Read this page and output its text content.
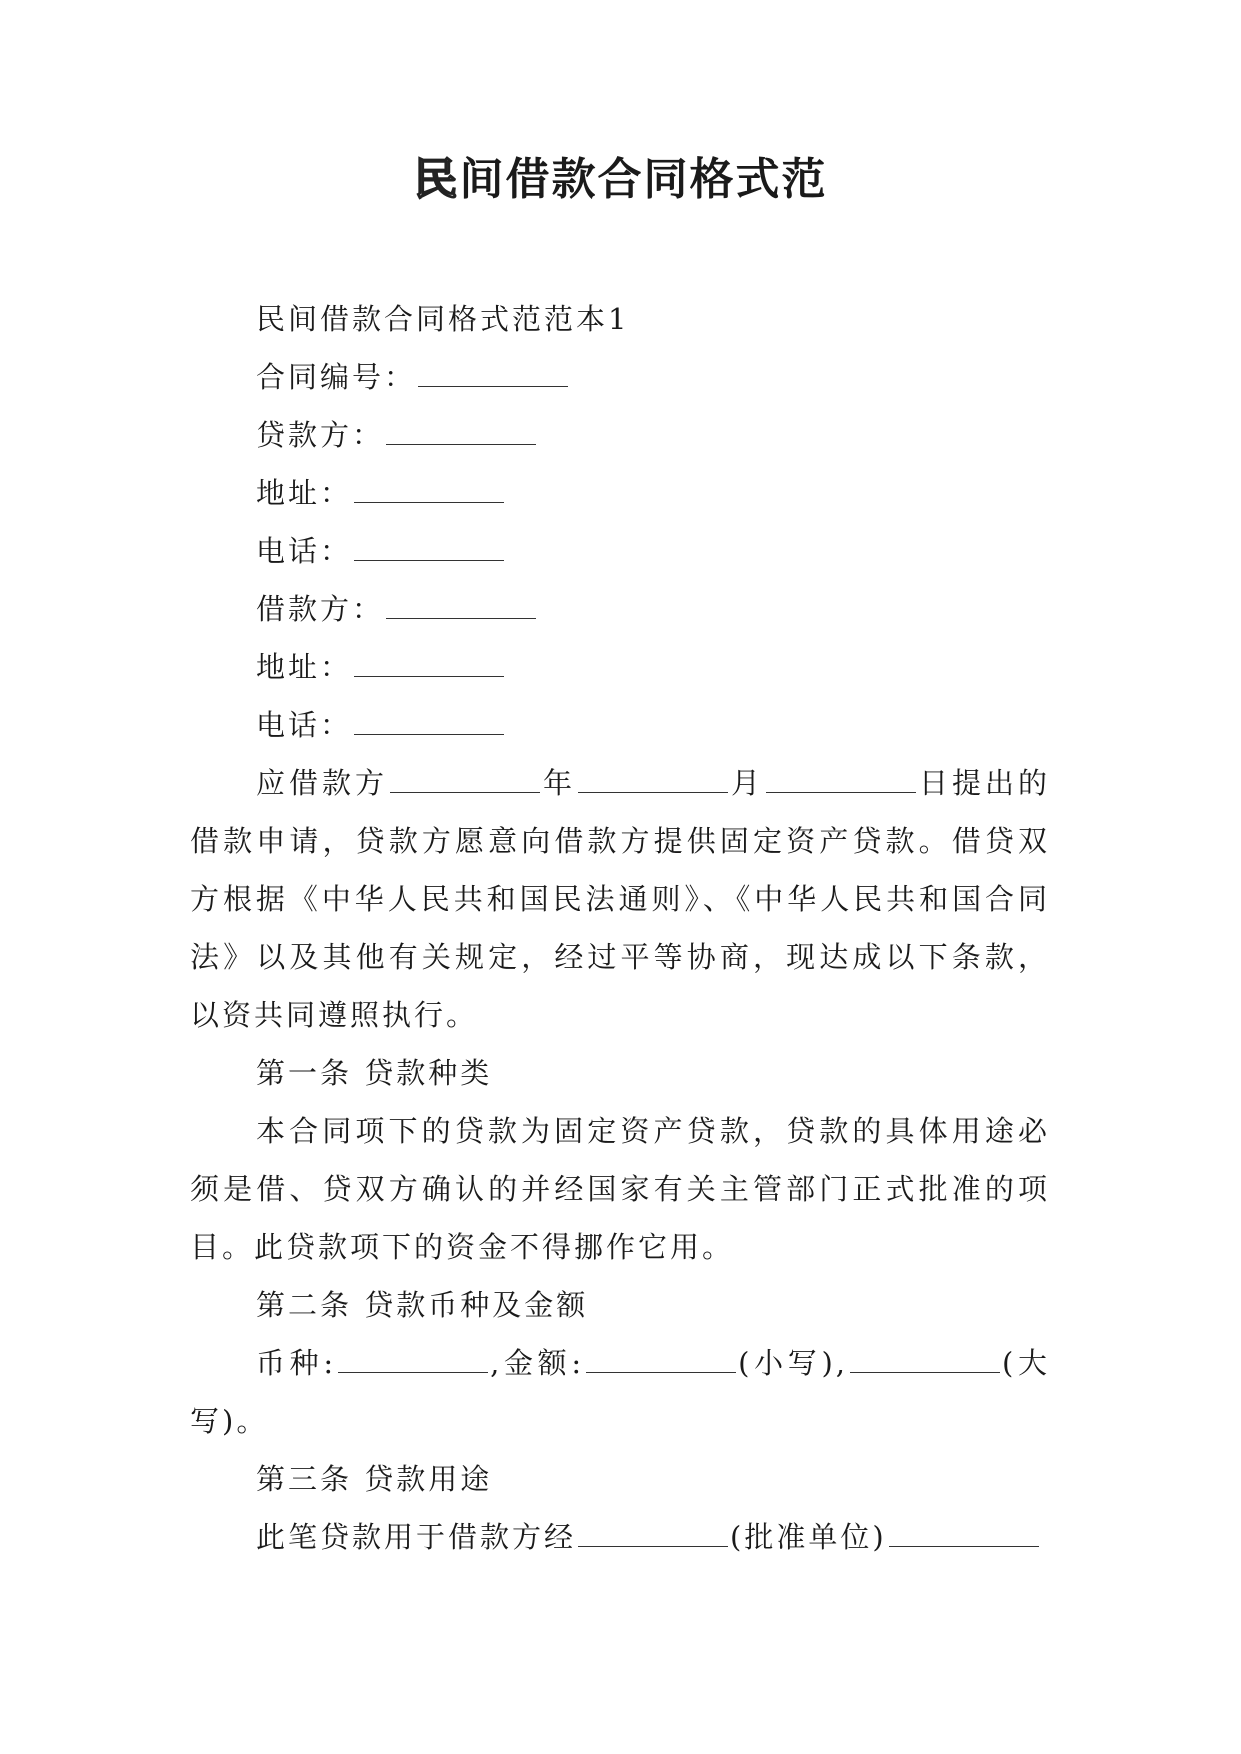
民间借款合同格式范

民间借款合同格式范范本1

合同编号：

贷款方：

地址：

电话：

借款方：

地址：

电话：

应借款方	年	月	日提出的借款申请，贷款方愿意向借款方提供固定资产贷款。借贷双方根据《中华人民共和国民法通则》、《中华人民共和国合同法》以及其他有关规定，经过平等协商，现达成以下条款，以资共同遵照执行。

第一条 贷款种类

本合同项下的贷款为固定资产贷款，贷款的具体用途必须是借、贷双方确认的并经国家有关主管部门正式批准的项目。此贷款项下的资金不得挪作它用。

第二条 贷款币种及金额

币种:	,金额:	(小写),	(大写)。

第三条 贷款用途

此笔贷款用于借款方经	(批准单位)
